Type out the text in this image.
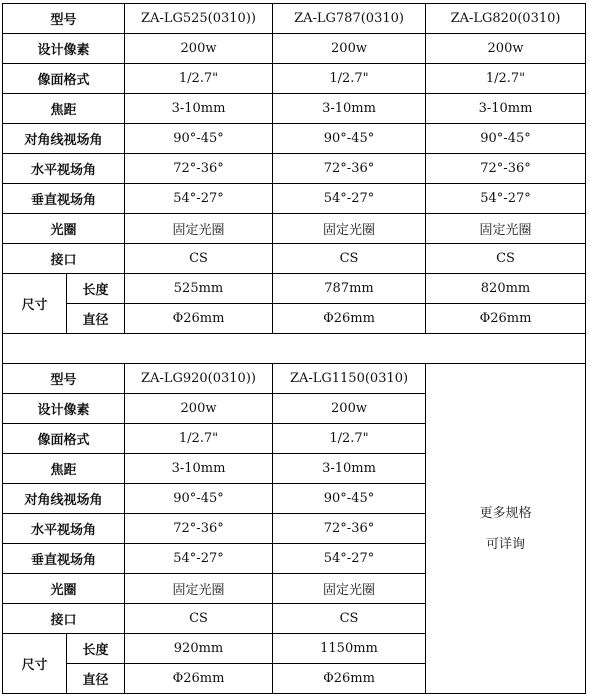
型号		ZA-LG525(0310))	ZA-LG787(0310)	ZA-LG820(0310)
设计像素		200w	200w	200w
像面格式		1/2.7"	1/2.7"	1/2.7"
焦距		3-10mm	3-10mm	3-10mm
对角线视场角		90°-45°	90°-45°	90°-45°
水平视场角		72°-36°	72°-36°	72°-36°
垂直视场角		54°-27°	54°-27°	54°-27°
光圈		固定光圈	固定光圈	固定光圈
接口		CS	CS	CS
尺寸	长度	525mm	787mm	820mm
	直径	Φ26mm	Φ26mm	Φ26mm

型号		ZA-LG920(0310))	ZA-LG1150(0310)	更多规格
可详询

设计像素		200w	200w	
像面格式		1/2.7"	1/2.7"	
焦距		3-10mm	3-10mm	
对角线视场角		90°-45°	90°-45°	
水平视场角		72°-36°	72°-36°	
垂直视场角		54°-27°	54°-27°	
光圈		固定光圈	固定光圈	
接口		CS	CS	
尺寸	长度	920mm	1150mm	
	直径	Φ26mm	Φ26mm	
